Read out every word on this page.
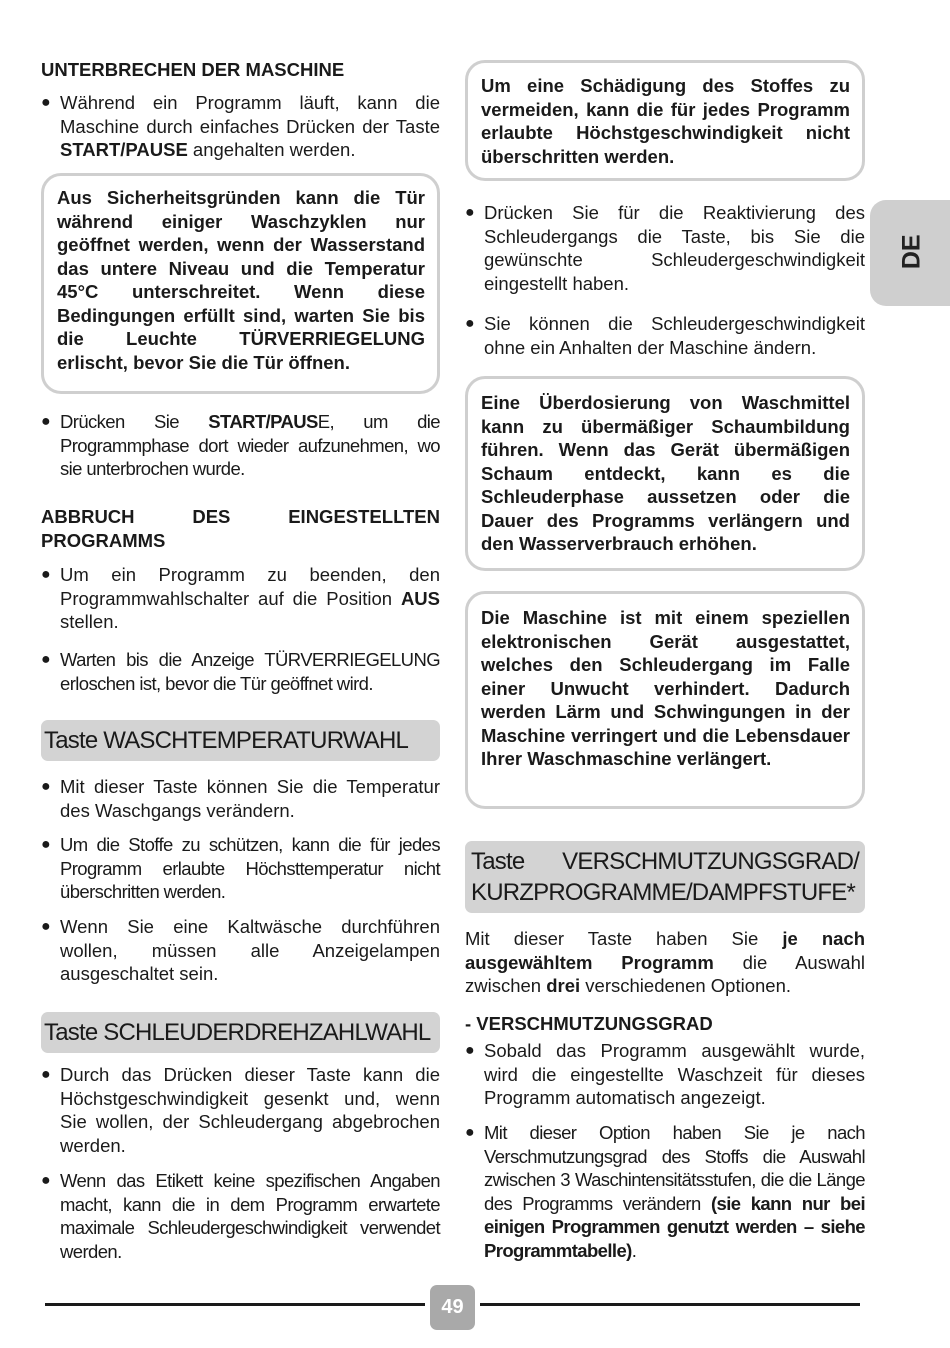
UNTERBRECHEN DER MASCHINE
● Während ein Programm läuft, kann die Maschine durch einfaches Drücken der Taste START/PAUSE angehalten werden.
Aus Sicherheitsgründen kann die Tür während einiger Waschzyklen nur geöffnet werden, wenn der Wasserstand das untere Niveau und die Temperatur 45°C unterschreitet. Wenn diese Bedingungen erfüllt sind, warten Sie bis die Leuchte TÜRVERRIEGELUNG erlischt, bevor Sie die Tür öffnen.
● Drücken Sie START/PAUSE, um die Programmphase dort wieder aufzunehmen, wo sie unterbrochen wurde.
ABBRUCH DES EINGESTELLTEN PROGRAMMS
● Um ein Programm zu beenden, den Programmwahlschalter auf die Position AUS stellen.
● Warten bis die Anzeige TÜRVERRIEGELUNG erloschen ist, bevor die Tür geöffnet wird.
Taste WASCHTEMPERATURWAHL
● Mit dieser Taste können Sie die Temperatur des Waschgangs verändern.
● Um die Stoffe zu schützen, kann die für jedes Programm erlaubte Höchsttemperatur nicht überschritten werden.
● Wenn Sie eine Kaltwäsche durchführen wollen, müssen alle Anzeigelampen ausgeschaltet sein.
Taste SCHLEUDERDREHZAHLWAHL
● Durch das Drücken dieser Taste kann die Höchstgeschwindigkeit gesenkt und, wenn Sie wollen, der Schleudergang abgebrochen werden.
● Wenn das Etikett keine spezifischen Angaben macht, kann die in dem Programm erwartete maximale Schleudergeschwindigkeit verwendet werden.
Um eine Schädigung des Stoffes zu vermeiden, kann die für jedes Programm erlaubte Höchstgeschwindigkeit nicht überschritten werden.
● Drücken Sie für die Reaktivierung des Schleudergangs die Taste, bis Sie die gewünschte Schleudergeschwindigkeit eingestellt haben.
● Sie können die Schleudergeschwindigkeit ohne ein Anhalten der Maschine ändern.
Eine Überdosierung von Waschmittel kann zu übermäßiger Schaumbildung führen. Wenn das Gerät übermäßigen Schaum entdeckt, kann es die Schleuderphase aussetzen oder die Dauer des Programms verlängern und den Wasserverbrauch erhöhen.
Die Maschine ist mit einem speziellen elektronischen Gerät ausgestattet, welches den Schleudergang im Falle einer Unwucht verhindert. Dadurch werden Lärm und Schwingungen in der Maschine verringert und die Lebensdauer Ihrer Waschmaschine verlängert.
Taste VERSCHMUTZUNGSGRAD/
KURZPROGRAMME/DAMPFSTUFE*
Mit dieser Taste haben Sie je nach ausgewähltem Programm die Auswahl zwischen drei verschiedenen Optionen.
- VERSCHMUTZUNGSGRAD
● Sobald das Programm ausgewählt wurde, wird die eingestellte Waschzeit für dieses Programm automatisch angezeigt.
● Mit dieser Option haben Sie je nach Verschmutzungsgrad des Stoffs die Auswahl zwischen 3 Waschintensitätsstufen, die die Länge des Programms verändern (sie kann nur bei einigen Programmen genutzt werden – siehe Programmtabelle).
DE
49
